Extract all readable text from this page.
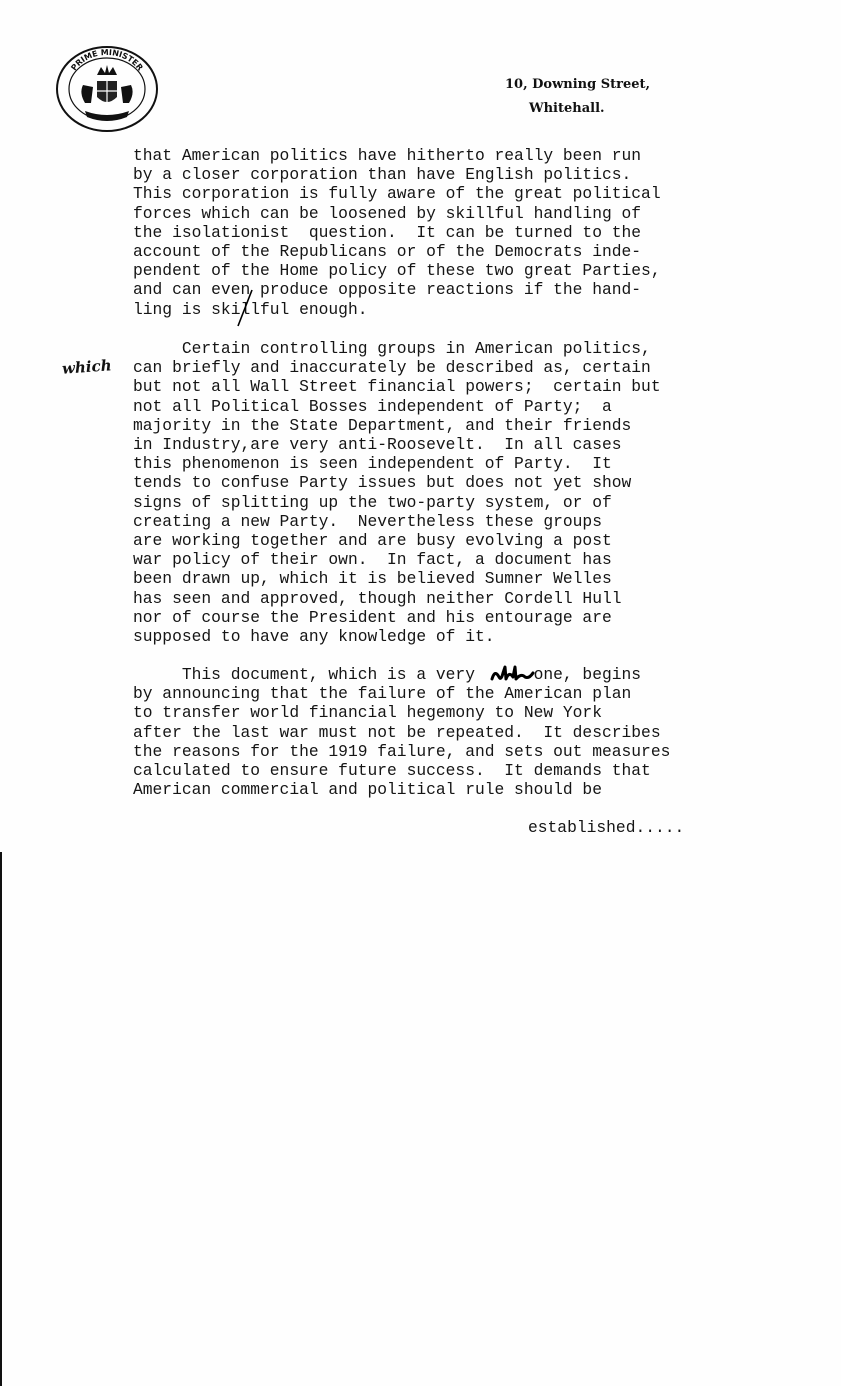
PRIME MINISTER
10, Downing Street,
Whitehall.
which

that American politics have hitherto really been run

by a closer corporation than have English politics.

This corporation is fully aware of the great political

forces which can be loosened by skillful handling of

the isolationist  question.  It can be turned to the

account of the Republicans or of the Democrats inde-

pendent of the Home policy of these two great Parties,

and can even produce opposite reactions if the hand-

ling is skillful enough.

Certain controlling groups in American politics,

can briefly and inaccurately be described as, certain

but not all Wall Street financial powers;  certain but

not all Political Bosses independent of Party;  a

majority in the State Department, and their friends

in Industry,are very anti-Roosevelt.  In all cases

this phenomenon is seen independent of Party.  It

tends to confuse Party issues but does not yet show

signs of splitting up the two-party system, or of

creating a new Party.  Nevertheless these groups

are working together and are busy evolving a post

war policy of their own.  In fact, a document has

been drawn up, which it is believed Sumner Welles

has seen and approved, though neither Cordell Hull

nor of course the President and his entourage are

supposed to have any knowledge of it.

This document, which is a very      one, begins

by announcing that the failure of the American plan

to transfer world financial hegemony to New York

after the last war must not be repeated.  It describes

the reasons for the 1919 failure, and sets out measures

calculated to ensure future success.  It demands that

American commercial and political rule should be

established.....
